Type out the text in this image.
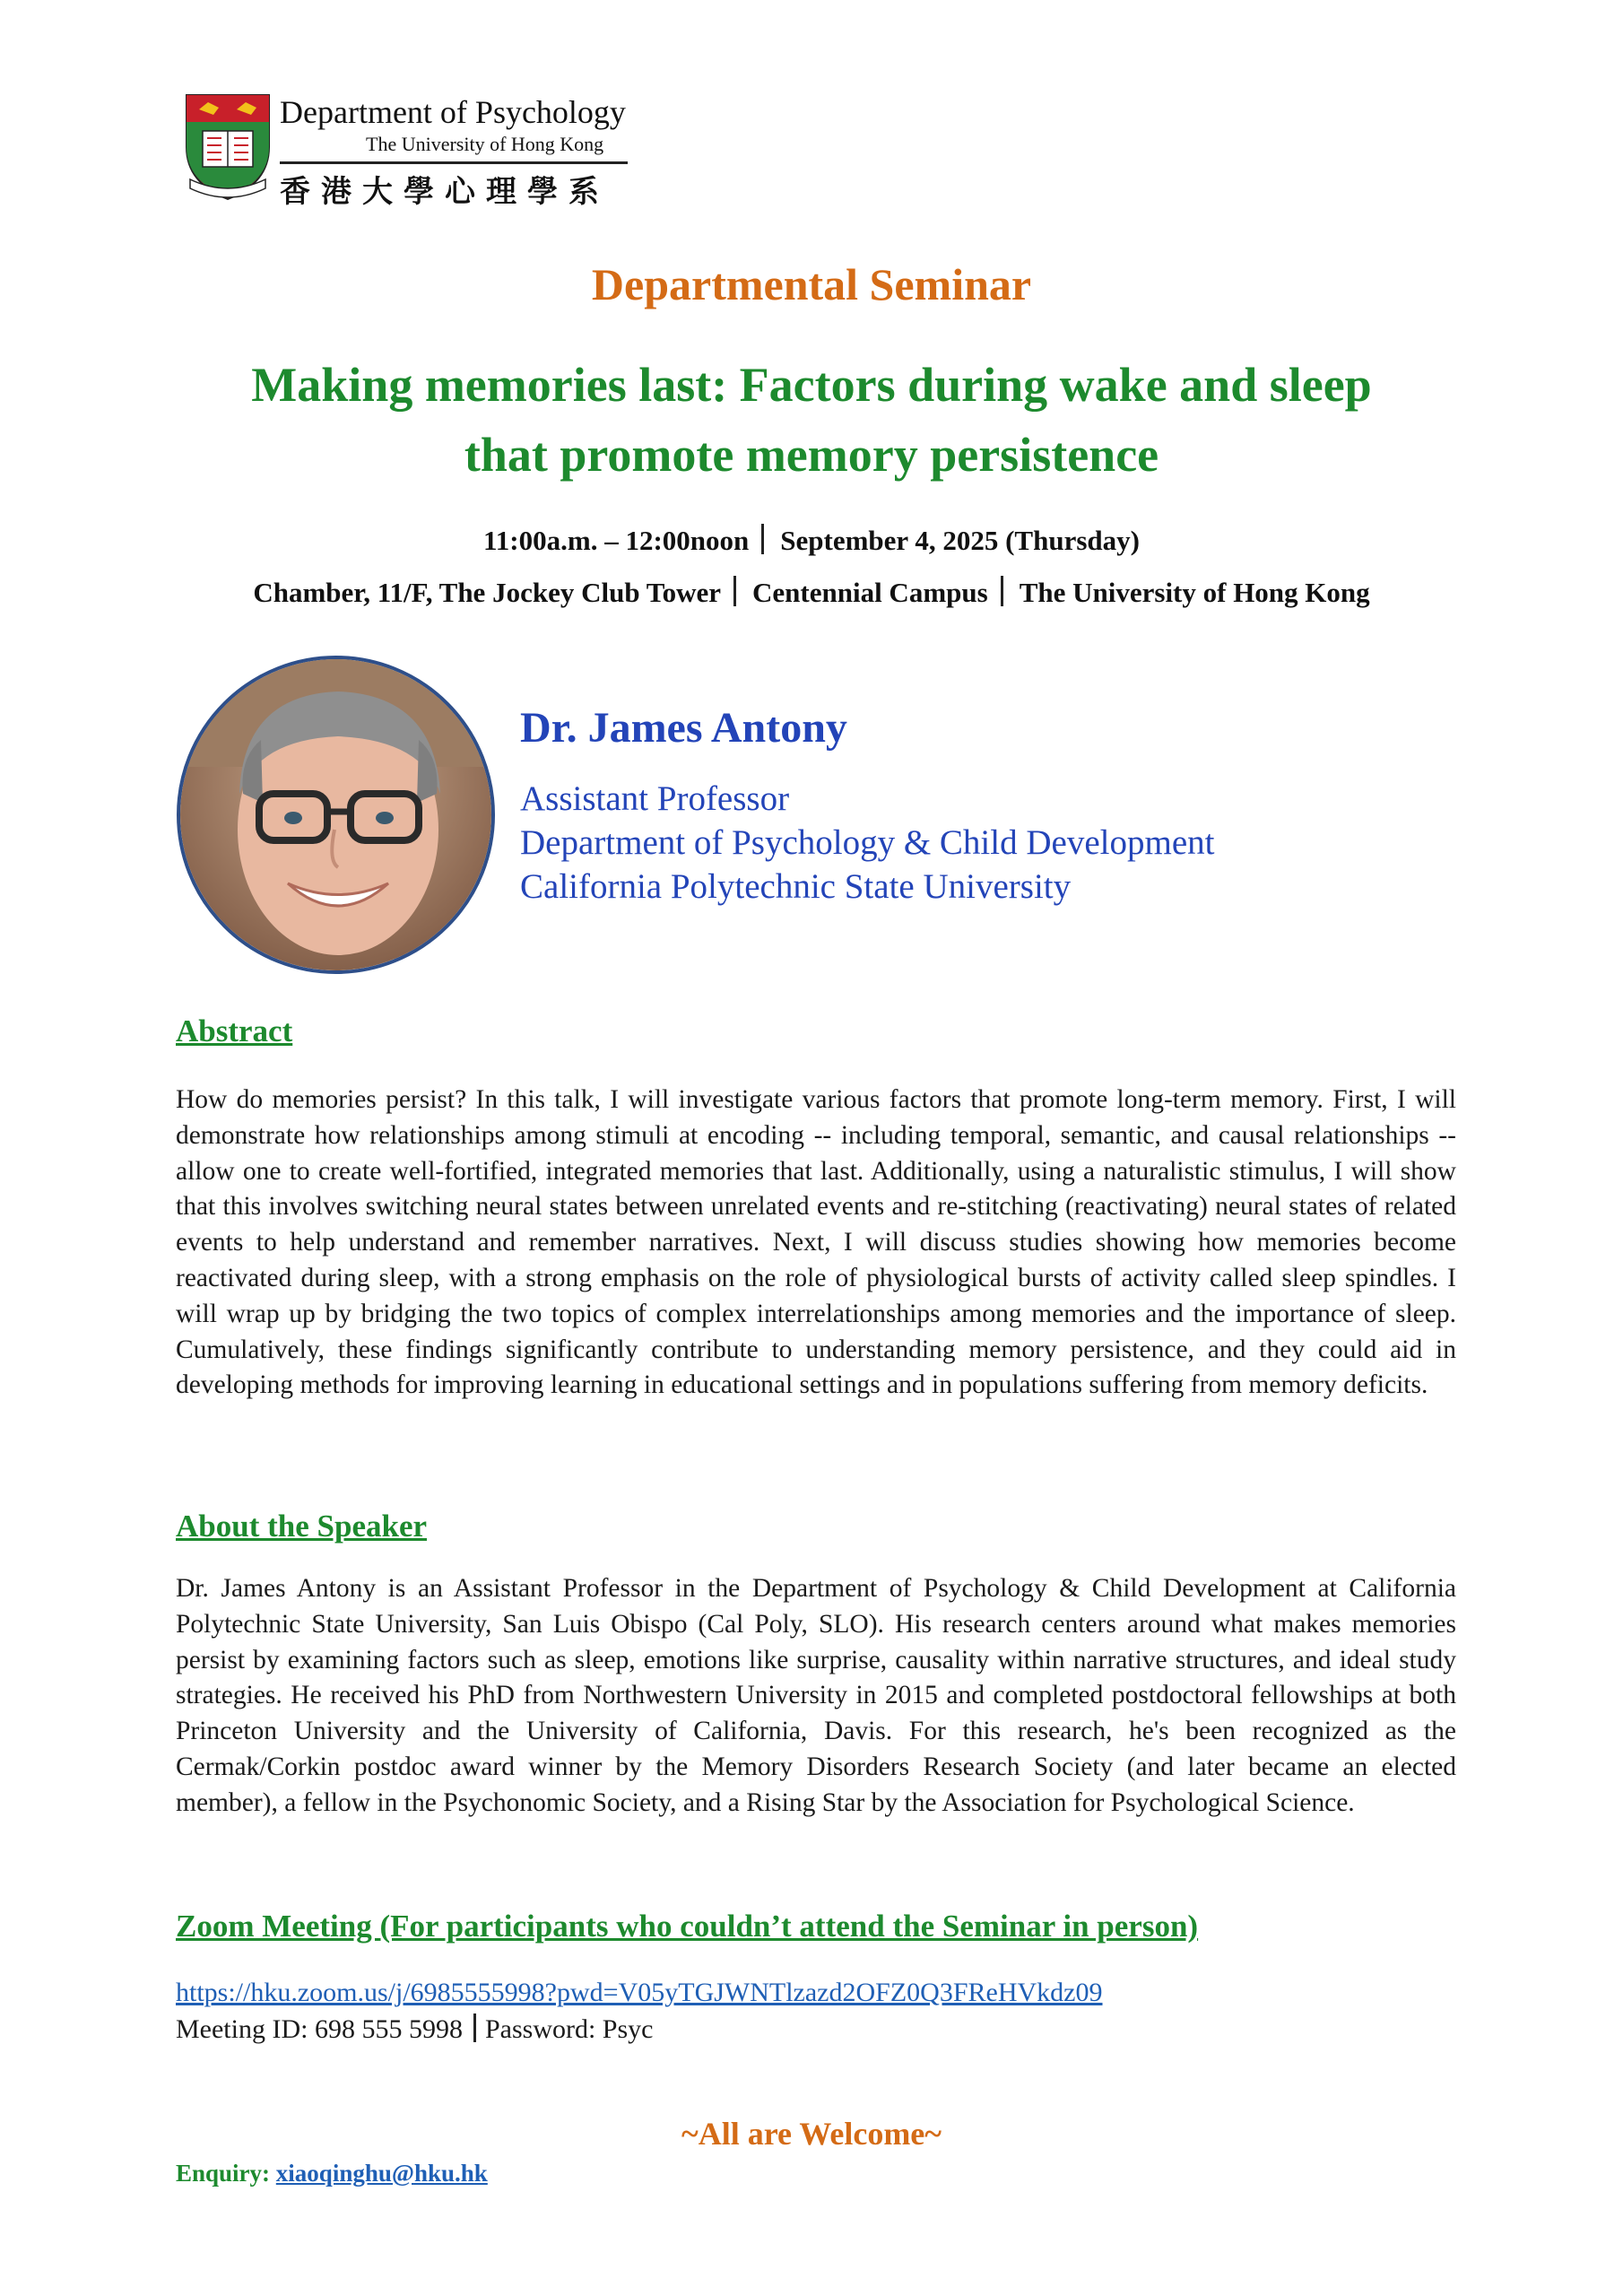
Department of Psychology
The University of Hong Kong
香港大學心理學系
Departmental Seminar
Making memories last: Factors during wake and sleep
that promote memory persistence
11:00a.m. – 12:00noon September 4, 2025 (Thursday)
Chamber, 11/F, The Jockey Club Tower Centennial Campus The University of Hong Kong
Dr. James Antony
Assistant Professor
Department of Psychology & Child Development
California Polytechnic State University
Abstract
How do memories persist? In this talk, I will investigate various factors that promote long-term memory. First, I will demonstrate how relationships among stimuli at encoding -- including temporal, semantic, and causal relationships -- allow one to create well-fortified, integrated memories that last. Additionally, using a naturalistic stimulus, I will show that this involves switching neural states between unrelated events and re-stitching (reactivating) neural states of related events to help understand and remember narratives. Next, I will discuss studies showing how memories become reactivated during sleep, with a strong emphasis on the role of physiological bursts of activity called sleep spindles. I will wrap up by bridging the two topics of complex interrelationships among memories and the importance of sleep. Cumulatively, these findings significantly contribute to understanding memory persistence, and they could aid in developing methods for improving learning in educational settings and in populations suffering from memory deficits.
About the Speaker
Dr. James Antony is an Assistant Professor in the Department of Psychology & Child Development at California Polytechnic State University, San Luis Obispo (Cal Poly, SLO). His research centers around what makes memories persist by examining factors such as sleep, emotions like surprise, causality within narrative structures, and ideal study strategies. He received his PhD from Northwestern University in 2015 and completed postdoctoral fellowships at both Princeton University and the University of California, Davis. For this research, he's been recognized as the Cermak/Corkin postdoc award winner by the Memory Disorders Research Society (and later became an elected member), a fellow in the Psychonomic Society, and a Rising Star by the Association for Psychological Science.
Zoom Meeting (For participants who couldn’t attend the Seminar in person)
https://hku.zoom.us/j/6985555998?pwd=V05yTGJWNTlzazd2OFZ0Q3FReHVkdz09
Meeting ID: 698 555 5998 Password: Psyc
~All are Welcome~
Enquiry: xiaoqinghu@hku.hk
